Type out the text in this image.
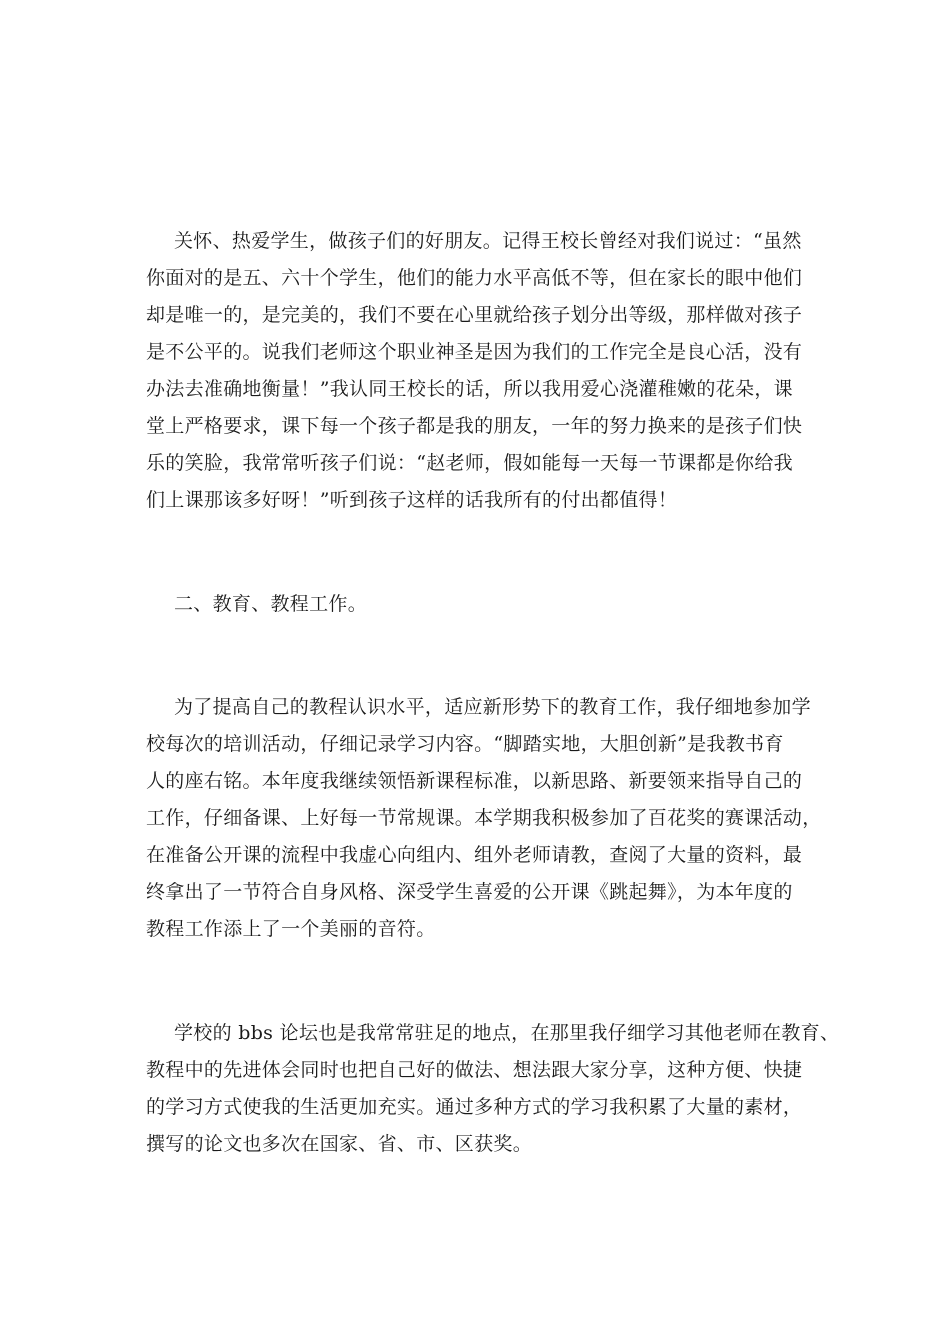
关怀、热爱学生，做孩子们的好朋友。记得王校长曾经对我们说过：“虽然
你面对的是五、六十个学生，他们的能力水平高低不等，但在家长的眼中他们
却是唯一的，是完美的，我们不要在心里就给孩子划分出等级，那样做对孩子
是不公平的。说我们老师这个职业神圣是因为我们的工作完全是良心活，没有
办法去准确地衡量！”我认同王校长的话，所以我用爱心浇灌稚嫩的花朵，课
堂上严格要求，课下每一个孩子都是我的朋友，一年的努力换来的是孩子们快
乐的笑脸，我常常听孩子们说：“赵老师，假如能每一天每一节课都是你给我
们上课那该多好呀！”听到孩子这样的话我所有的付出都值得！
二、教育、教程工作。
为了提高自己的教程认识水平，适应新形势下的教育工作，我仔细地参加学
校每次的培训活动，仔细记录学习内容。“脚踏实地，大胆创新”是我教书育
人的座右铭。本年度我继续领悟新课程标准，以新思路、新要领来指导自己的
工作，仔细备课、上好每一节常规课。本学期我积极参加了百花奖的赛课活动，
在准备公开课的流程中我虚心向组内、组外老师请教，查阅了大量的资料，最
终拿出了一节符合自身风格、深受学生喜爱的公开课《跳起舞》，为本年度的
教程工作添上了一个美丽的音符。
学校的 bbs 论坛也是我常常驻足的地点，在那里我仔细学习其他老师在教育、
教程中的先进体会同时也把自己好的做法、想法跟大家分享，这种方便、快捷
的学习方式使我的生活更加充实。通过多种方式的学习我积累了大量的素材，
撰写的论文也多次在国家、省、市、区获奖。
